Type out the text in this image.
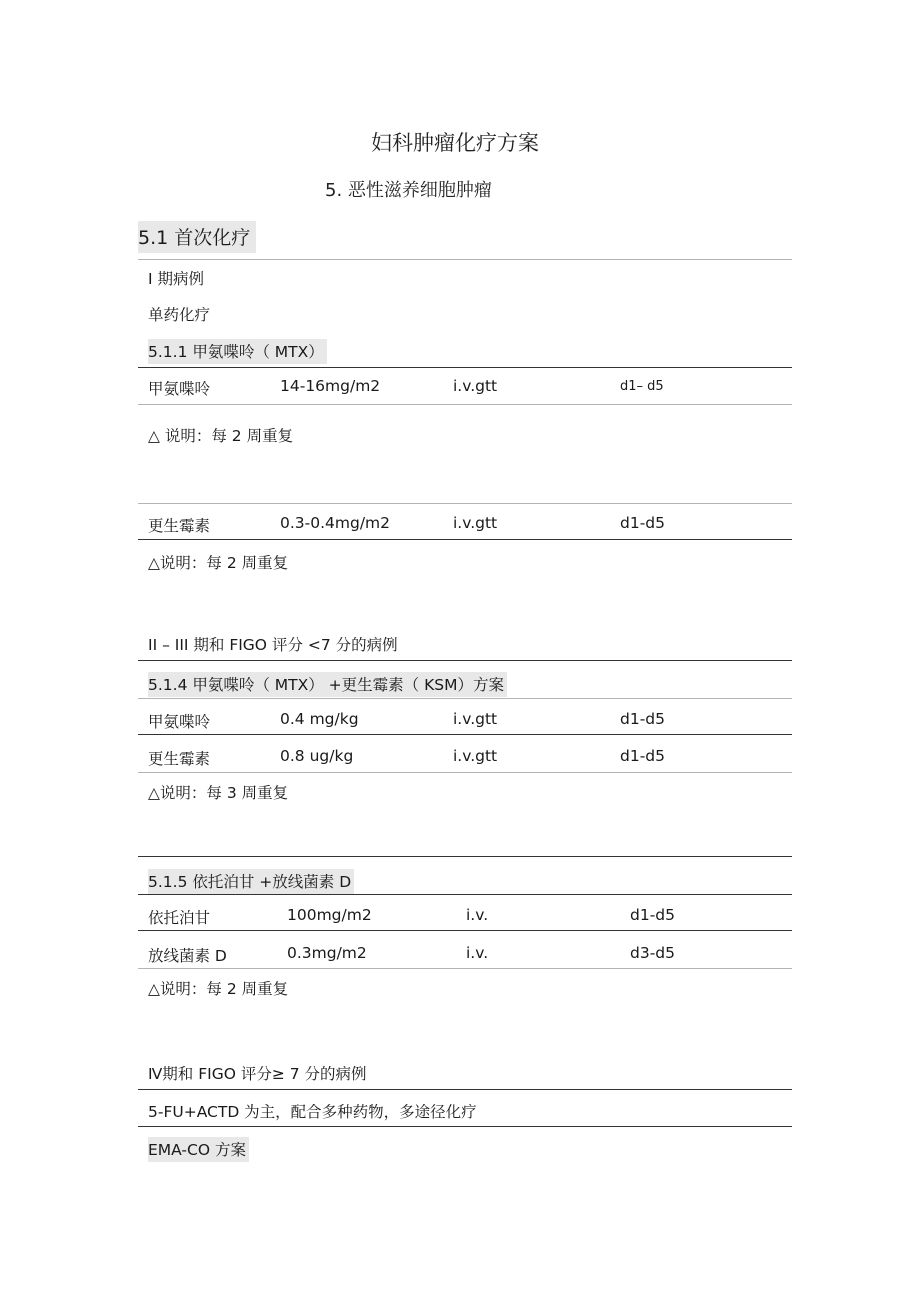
妇科肿瘤化疗方案
5. 恶性滋养细胞肿瘤
5.1 首次化疗
I 期病例
单药化疗
5.1.1 甲氨喋呤（ MTX）
甲氨喋呤	14-16mg/m2	i.v.gtt	d1– d5
△ 说明：每 2 周重复
更生霉素	0.3-0.4mg/m2	i.v.gtt	d1-d5
△说明：每 2 周重复
II – III 期和 FIGO 评分 <7 分的病例
5.1.4 甲氨喋呤（ MTX） +更生霉素（ KSM）方案
甲氨喋呤	0.4 mg/kg	i.v.gtt	d1-d5
更生霉素	0.8 ug/kg	i.v.gtt	d1-d5
△说明：每 3 周重复
5.1.5 依托泊甘 +放线菌素 D
依托泊甘	100mg/m2	i.v.	d1-d5
放线菌素 D	0.3mg/m2	i.v.	d3-d5
△说明：每 2 周重复
Ⅳ期和 FIGO 评分≥ 7 分的病例
5-FU+ACTD 为主，配合多种药物，多途径化疗
EMA-CO 方案
